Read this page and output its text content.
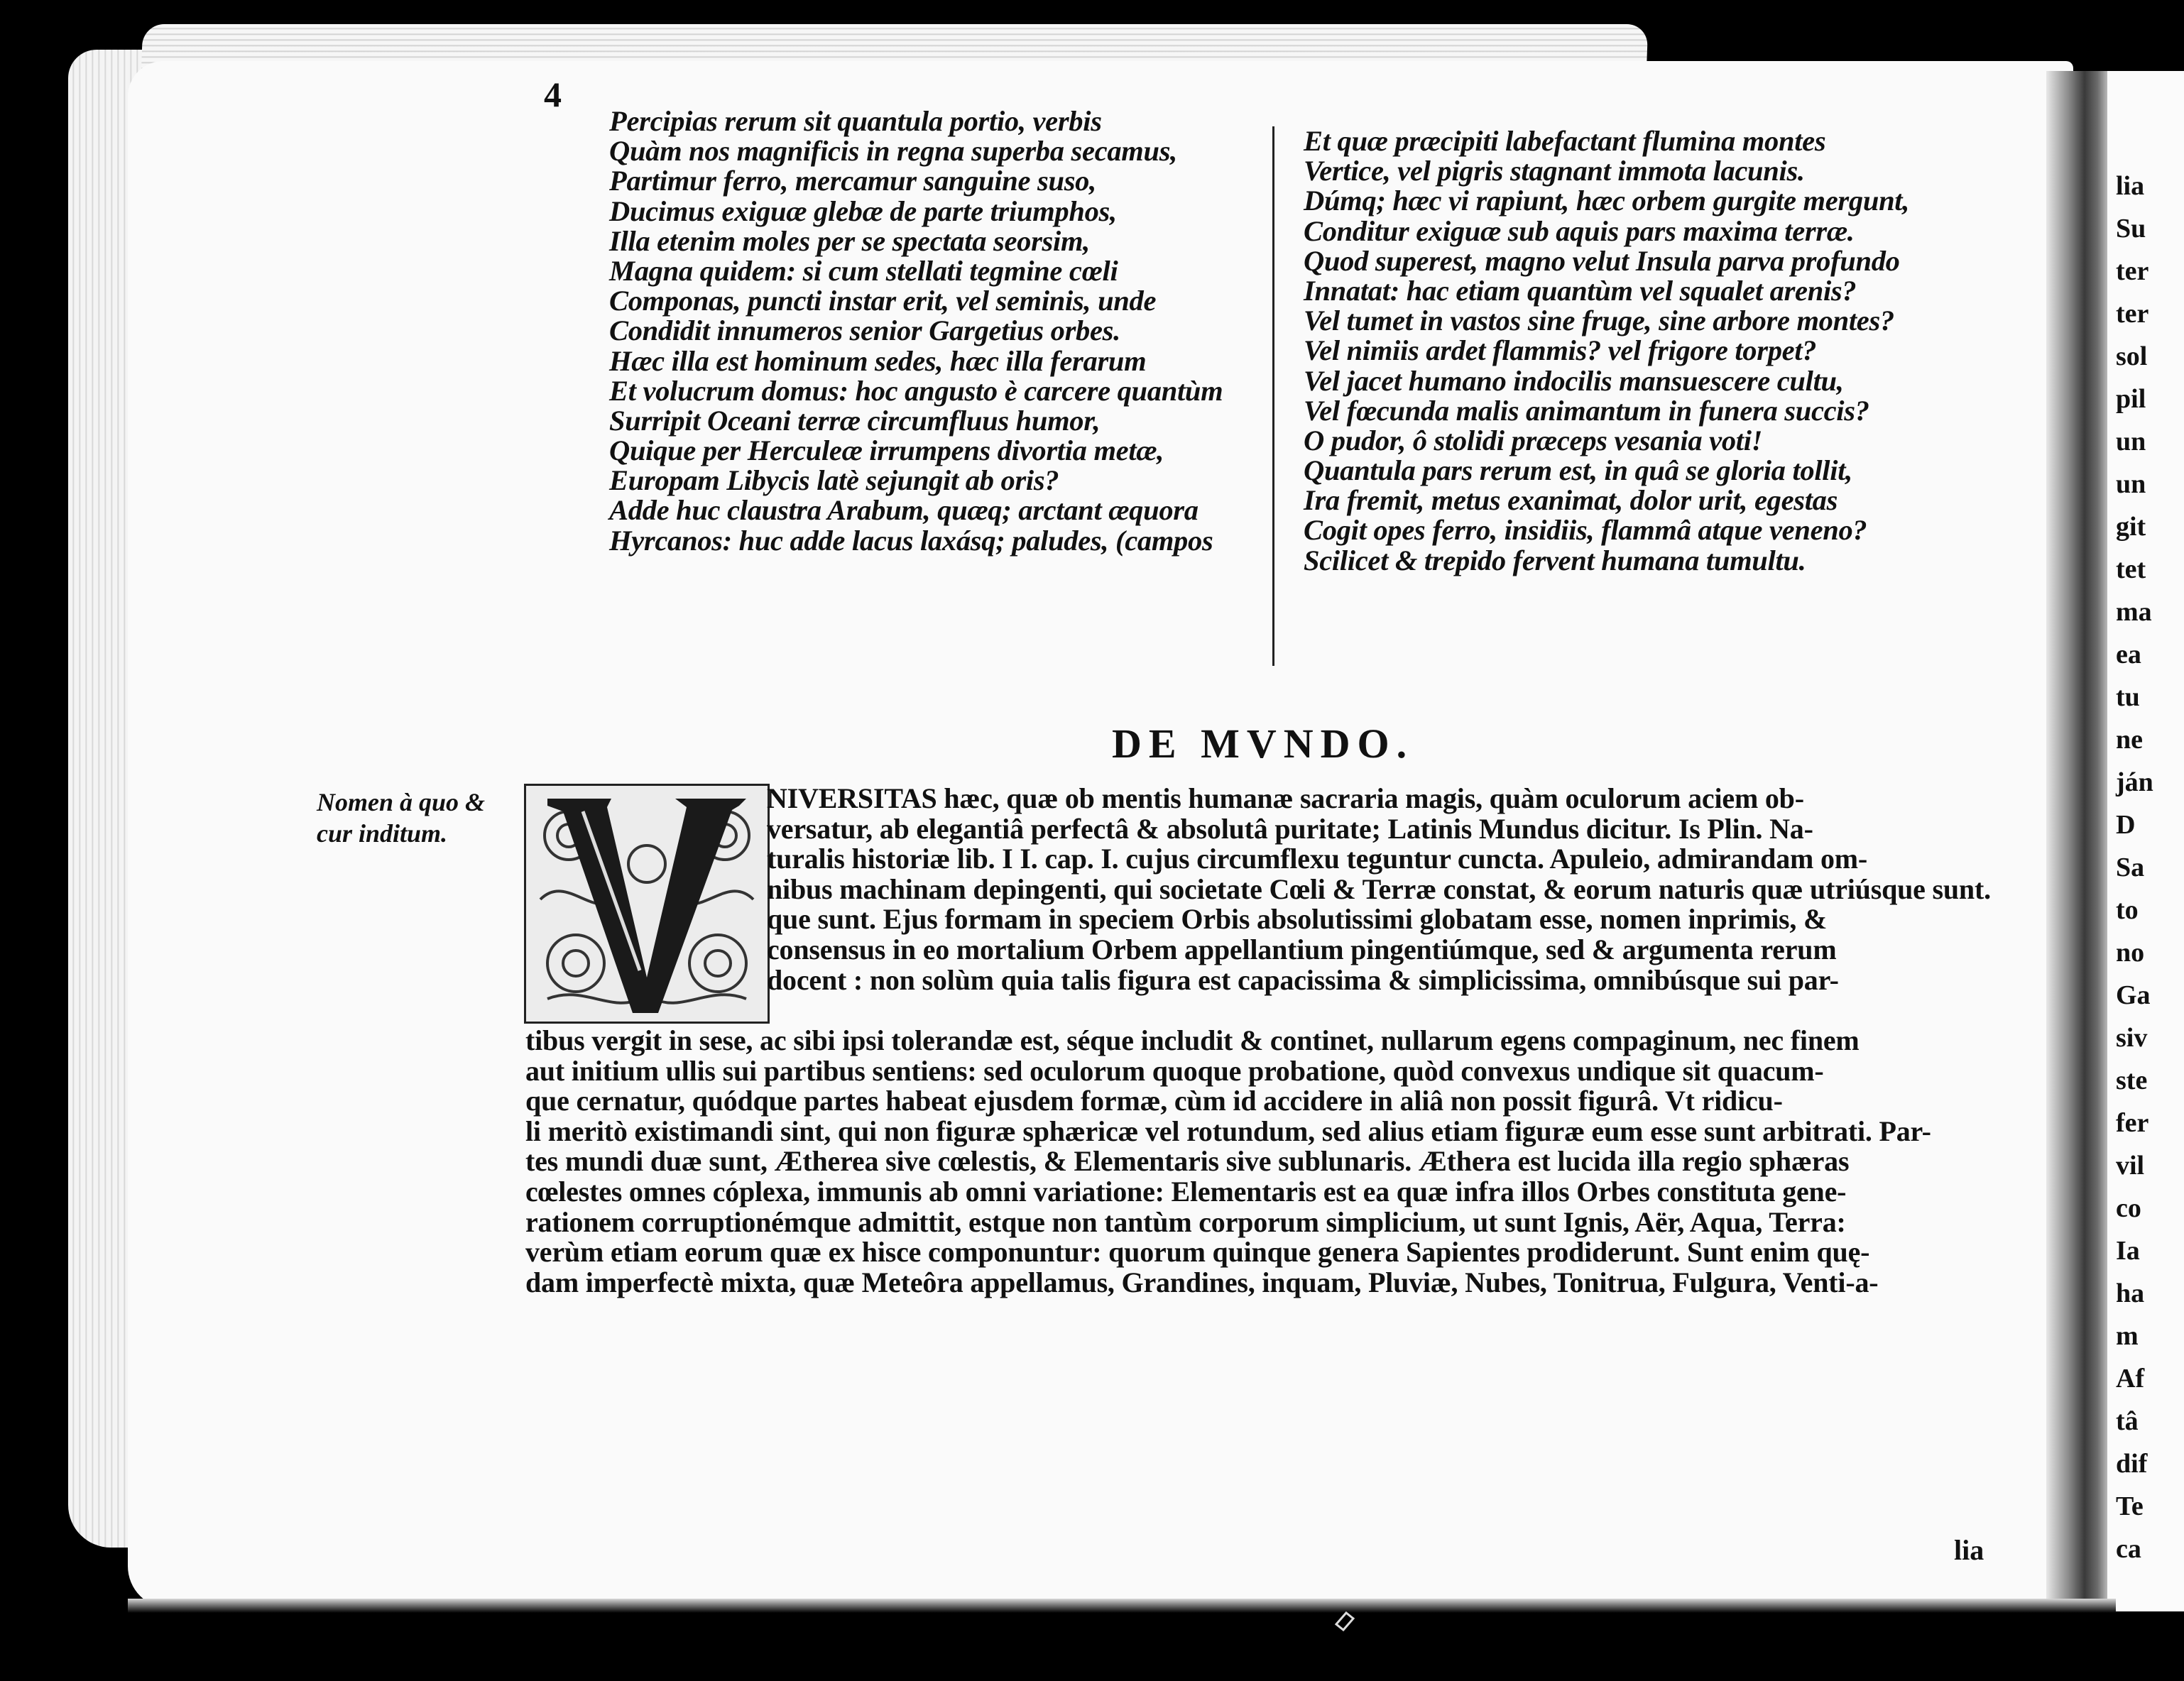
lia
Su
ter
ter
sol
pil
un
un
git
tet
ma
ea
tu
ne
ján
D
Sa
to
no
Ga
siv
ste
fer
vil
co
Ia
ha
m
Af
tâ
dif
Te
ca
4
Percipias rerum sit quantula portio, verbis
Quàm nos magnificis in regna superba secamus,
Partimur ferro, mercamur sanguine suso,
Ducimus exiguæ glebæ de parte triumphos,
Illa etenim moles per se spectata seorsim,
Magna quidem: si cum stellati tegmine cœli
Componas, puncti instar erit, vel seminis, unde
Condidit innumeros senior Gargetius orbes.
Hæc illa est hominum sedes, hæc illa ferarum
Et volucrum domus: hoc angusto è carcere quantùm
Surripit Oceani terræ circumfluus humor,
Quique per Herculeæ irrumpens divortia metæ,
Europam Libycis latè sejungit ab oris?
Adde huc claustra Arabum, quæq; arctant æquora
Hyrcanos: huc adde lacus laxásq; paludes, (campos
Et quæ præcipiti labefactant flumina montes
Vertice, vel pigris stagnant immota lacunis.
Dúmq; hæc vi rapiunt, hæc orbem gurgite mergunt,
Conditur exiguæ sub aquis pars maxima terræ.
Quod superest, magno velut Insula parva profundo
Innatat: hac etiam quantùm vel squalet arenis?
Vel tumet in vastos sine fruge, sine arbore montes?
Vel nimiis ardet flammis? vel frigore torpet?
Vel jacet humano indocilis mansuescere cultu,
Vel fœcunda malis animantum in funera succis?
O pudor, ô stolidi præceps vesania voti!
Quantula pars rerum est, in quâ se gloria tollit,
Ira fremit, metus exanimat, dolor urit, egestas
Cogit opes ferro, insidiis, flammâ atque veneno?
Scilicet & trepido fervent humana tumultu.
DE MVNDO.
Nomen à quo &
cur inditum.
NIVERSITAS hæc, quæ ob mentis humanæ sacraria magis, quàm oculorum aciem ob-
versatur, ab elegantiâ perfectâ & absolutâ puritate; Latinis Mundus dicitur. Is Plin. Na-
turalis historiæ lib. I I. cap. I. cujus circumflexu teguntur cuncta. Apuleio, admirandam om-
nibus machinam depingenti, qui societate Cœli & Terræ constat, & eorum naturis quæ utriúsque sunt.
que sunt. Ejus formam in speciem Orbis absolutissimi globatam esse, nomen inprimis, &
consensus in eo mortalium Orbem appellantium pingentiúmque, sed & argumenta rerum
docent : non solùm quia talis figura est capacissima & simplicissima, omnibúsque sui par-
tibus vergit in sese, ac sibi ipsi tolerandæ est, séque includit & continet, nullarum egens compaginum, nec finem
aut initium ullis sui partibus sentiens: sed oculorum quoque probatione, quòd convexus undique sit quacum-
que cernatur, quódque partes habeat ejusdem formæ, cùm id accidere in aliâ non possit figurâ. Vt ridicu-
li meritò existimandi sint, qui non figuræ sphæricæ vel rotundum, sed alius etiam figuræ eum esse sunt arbitrati. Par-
tes mundi duæ sunt, Ætherea sive cœlestis, & Elementaris sive sublunaris. Æthera est lucida illa regio sphæras
cœlestes omnes cóplexa, immunis ab omni variatione: Elementaris est ea quæ infra illos Orbes constituta gene-
rationem corruptionémque admittit, estque non tantùm corporum simplicium, ut sunt Ignis, Aër, Aqua, Terra:
verùm etiam eorum quæ ex hisce componuntur: quorum quinque genera Sapientes prodiderunt. Sunt enim quę-
dam imperfectè mixta, quæ Meteôra appellamus, Grandines, inquam, Pluviæ, Nubes, Tonitrua, Fulgura, Venti-a-
lia
